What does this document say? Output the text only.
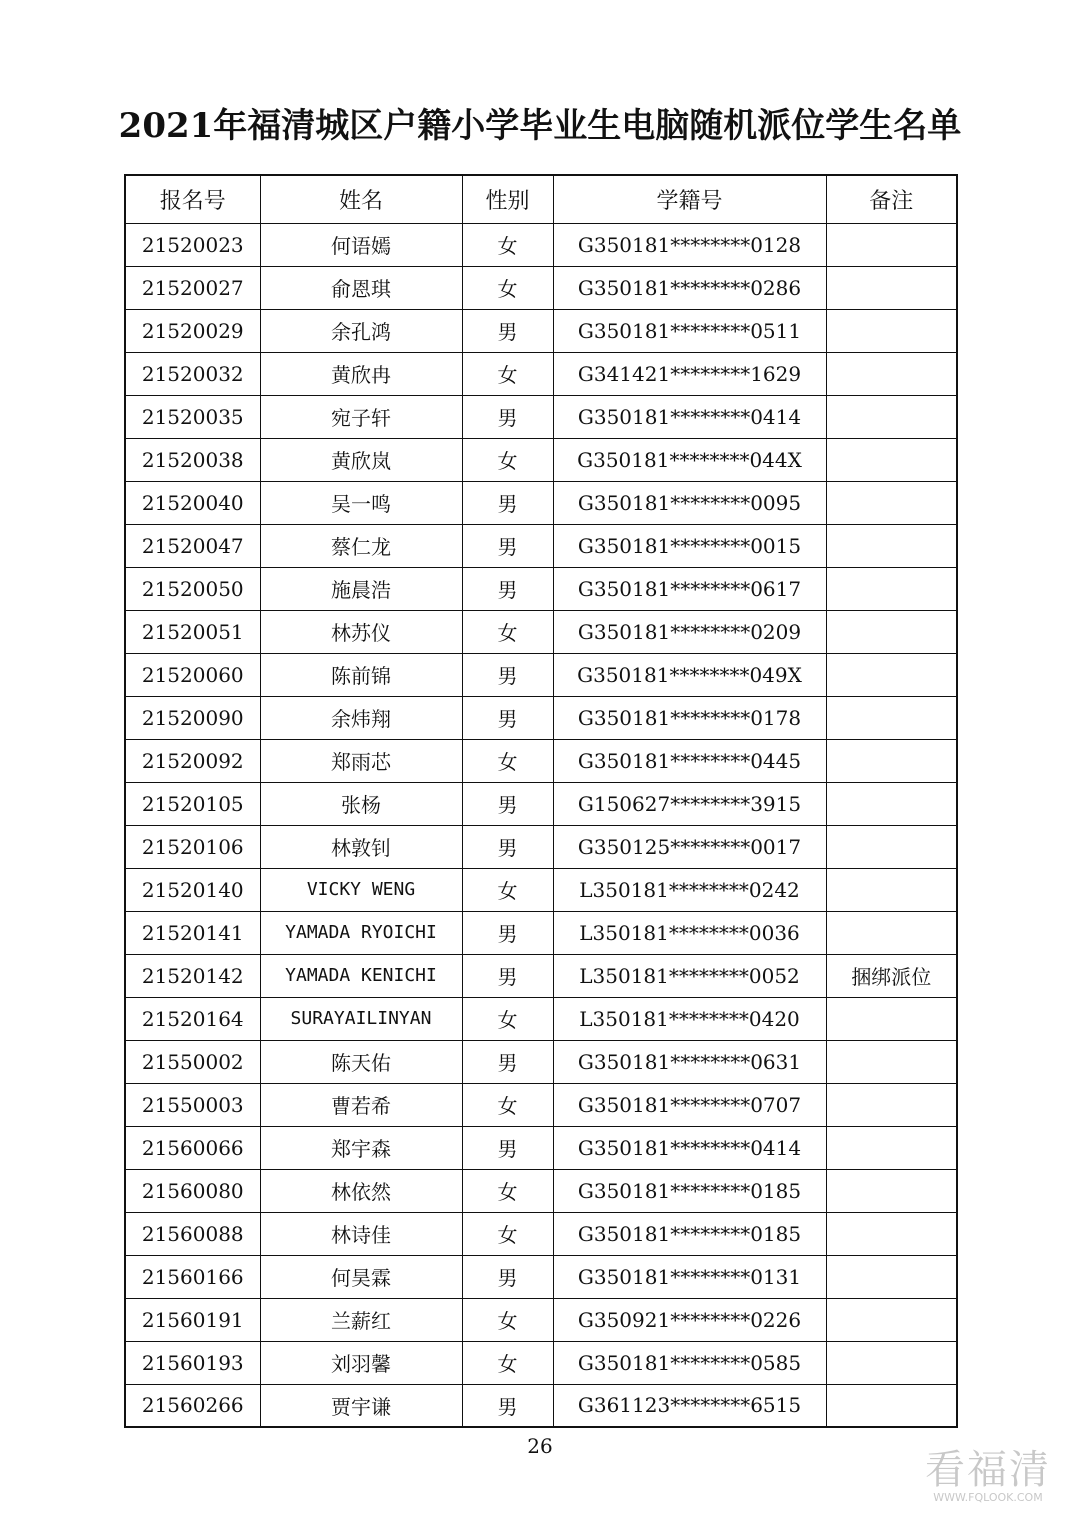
2021年福清城区户籍小学毕业生电脑随机派位学生名单
报名号	姓名	性别	学籍号	备注
21520023	何语嫣	女	G350181********0128	
21520027	俞恩琪	女	G350181********0286	
21520029	余孔鸿	男	G350181********0511	
21520032	黄欣冉	女	G341421********1629	
21520035	宛子轩	男	G350181********0414	
21520038	黄欣岚	女	G350181********044X	
21520040	吴一鸣	男	G350181********0095	
21520047	蔡仁龙	男	G350181********0015	
21520050	施晨浩	男	G350181********0617	
21520051	林苏仪	女	G350181********0209	
21520060	陈前锦	男	G350181********049X	
21520090	余炜翔	男	G350181********0178	
21520092	郑雨芯	女	G350181********0445	
21520105	张杨	男	G150627********3915	
21520106	林敦钊	男	G350125********0017	
21520140	VICKY WENG	女	L350181********0242	
21520141	YAMADA RYOICHI	男	L350181********0036	
21520142	YAMADA KENICHI	男	L350181********0052	捆绑派位
21520164	SURAYAILINYAN	女	L350181********0420	
21550002	陈天佑	男	G350181********0631	
21550003	曹若希	女	G350181********0707	
21560066	郑宇森	男	G350181********0414	
21560080	林依然	女	G350181********0185	
21560088	林诗佳	女	G350181********0185	
21560166	何昊霖	男	G350181********0131	
21560191	兰薪红	女	G350921********0226	
21560193	刘羽馨	女	G350181********0585	
21560266	贾宇谦	男	G361123********6515	
26
看福清
WWW.FQLOOK.COM
